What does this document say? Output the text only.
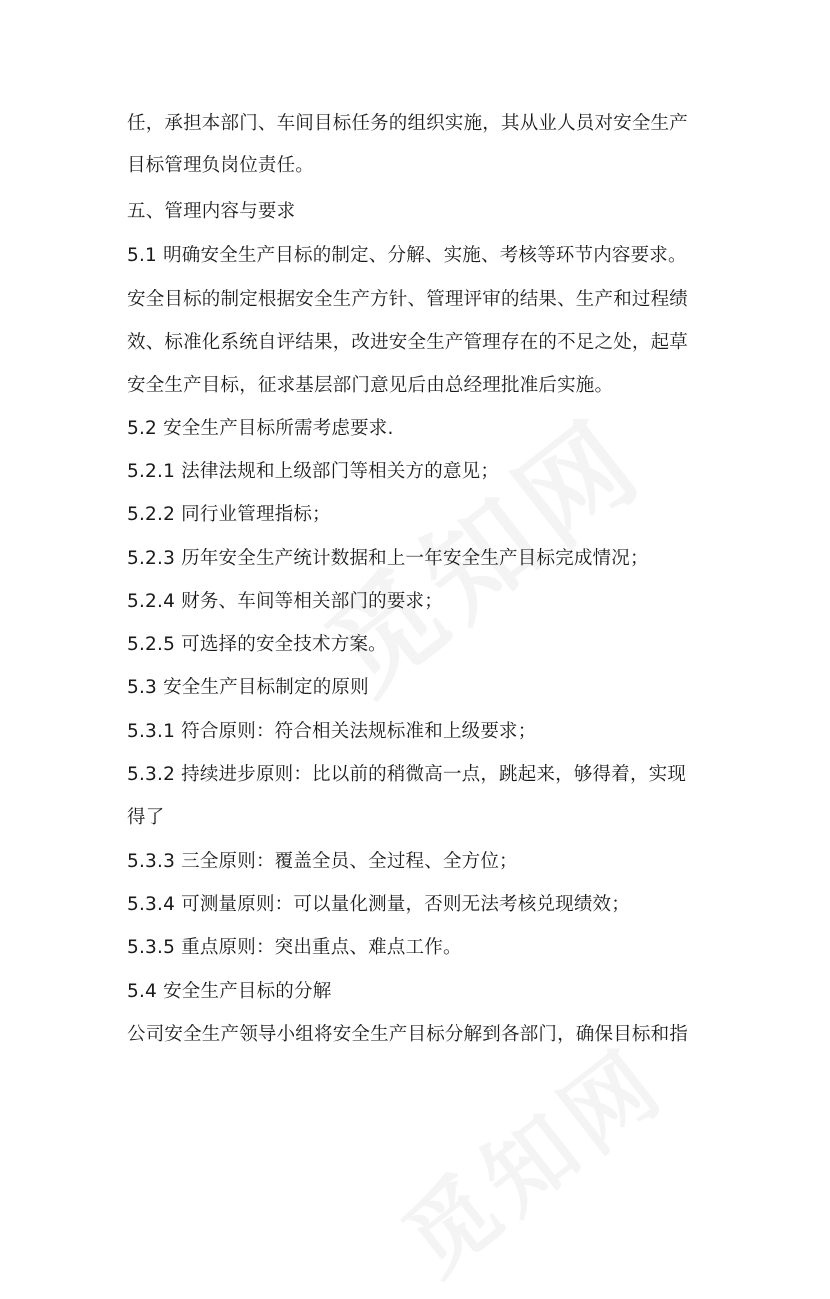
任，承担本部门、车间目标任务的组织实施，其从业人员对安全生产
目标管理负岗位责任。
五、管理内容与要求
5.1 明确安全生产目标的制定、分解、实施、考核等环节内容要求。
安全目标的制定根据安全生产方针、管理评审的结果、生产和过程绩
效、标准化系统自评结果，改进安全生产管理存在的不足之处，起草
安全生产目标，征求基层部门意见后由总经理批准后实施。
5.2 安全生产目标所需考虑要求.
5.2.1 法律法规和上级部门等相关方的意见；
5.2.2 同行业管理指标；
5.2.3 历年安全生产统计数据和上一年安全生产目标完成情况；
5.2.4 财务、车间等相关部门的要求；
5.2.5 可选择的安全技术方案。
5.3 安全生产目标制定的原则
5.3.1 符合原则：符合相关法规标准和上级要求；
5.3.2 持续进步原则：比以前的稍微高一点，跳起来，够得着，实现
得了
5.3.3 三全原则：覆盖全员、全过程、全方位；
5.3.4 可测量原则：可以量化测量，否则无法考核兑现绩效；
5.3.5 重点原则：突出重点、难点工作。
5.4 安全生产目标的分解
公司安全生产领导小组将安全生产目标分解到各部门，确保目标和指
